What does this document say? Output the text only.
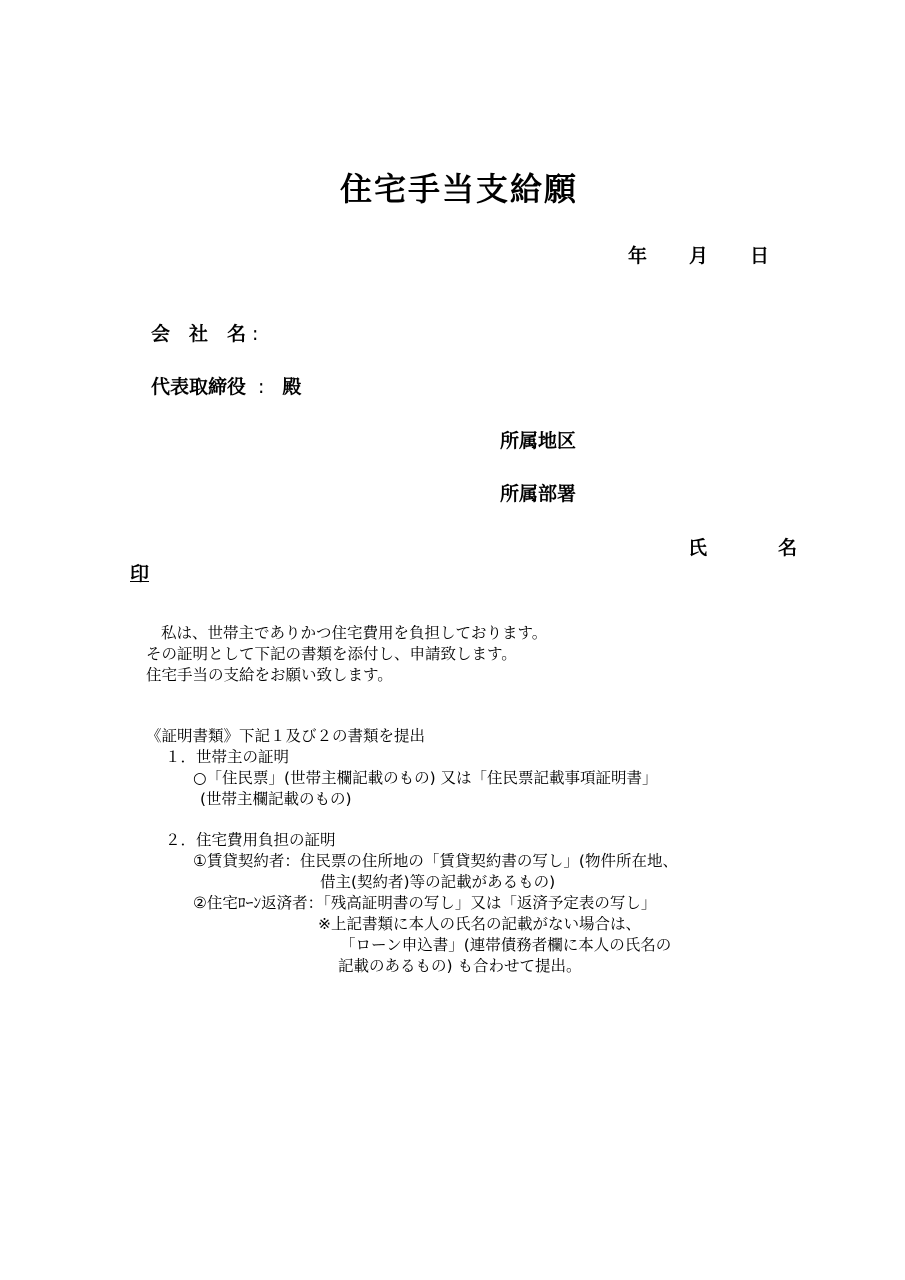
住宅手当支給願
年 月 日
会 社 名 :
代表取締役 : 殿
所属地区
所属部署
氏	名
印
私は、世帯主でありかつ住宅費用を負担しております。
その証明として下記の書類を添付し、申請致します。
住宅手当の支給をお願い致します。
《証明書類》下記１及び２の書類を提出
１．世帯主の証明
○「住民票」(世帯主欄記載のもの) 又は「住民票記載事項証明書」
(世帯主欄記載のもの)
２．住宅費用負担の証明
①賃貸契約者：住民票の住所地の「賃貸契約書の写し」(物件所在地、
借主(契約者)等の記載があるもの)
②住宅ﾛｰﾝ返済者：「残高証明書の写し」又は「返済予定表の写し」
※上記書類に本人の氏名の記載がない場合は、
「ローン申込書」(連帯債務者欄に本人の氏名の
記載のあるもの) も合わせて提出。
